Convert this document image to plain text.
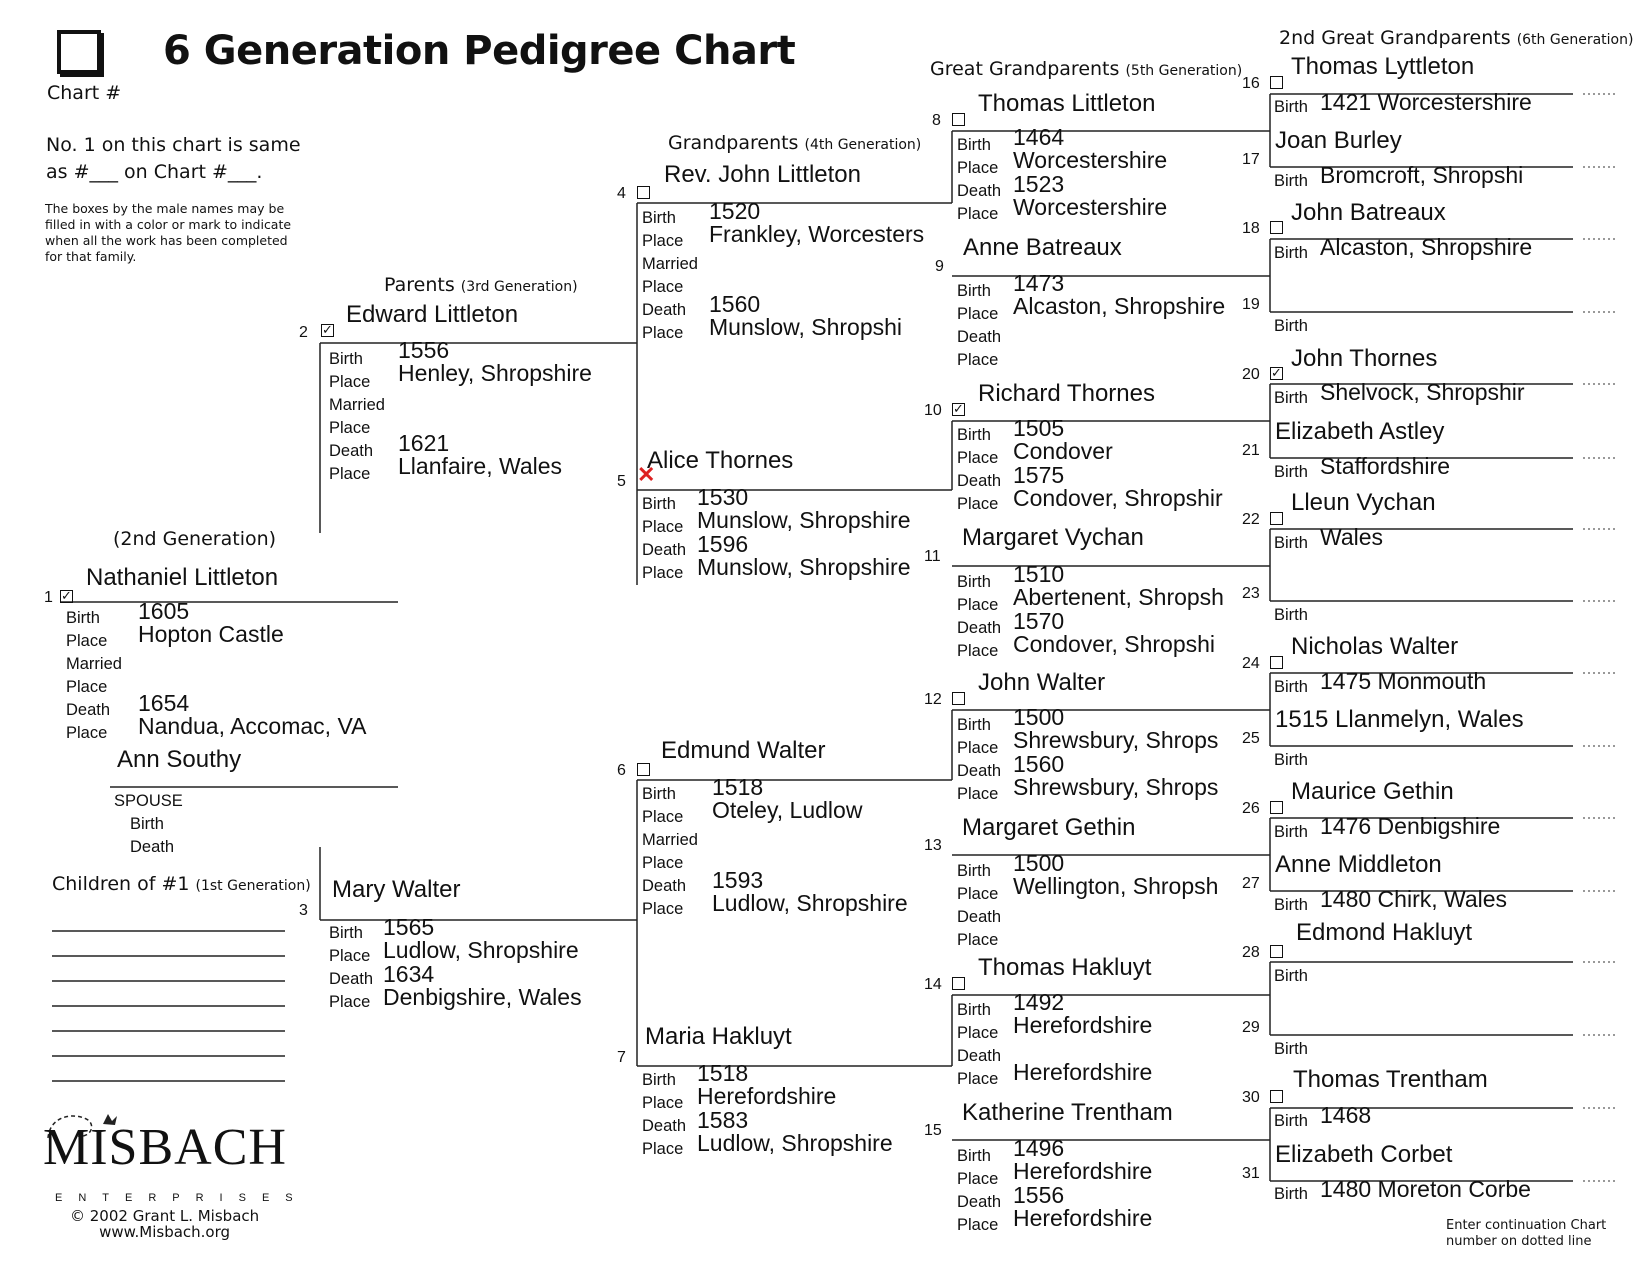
Chart #
6 Generation Pedigree Chart
No. 1 on this chart is same as #___ on Chart #___.
The boxes by the male names may be filled in with a color or mark to indicate when all the work has been completed for that family.
(2nd Generation)
Parents (3rd Generation)
Grandparents (4th Generation)
Great Grandparents (5th Generation)
2nd Great Grandparents (6th Generation)
Children of #1 (1st Generation)
1 ✓
Nathaniel Littleton
Birth
Place
Married
Place
Death
Place
1605
Hopton Castle
1654
Nandua, Accomac, VA
Ann Southy
SPOUSE
Birth
Death
2 ✓
Edward Littleton
Birth
Place
Married
Place
Death
Place
1556
Henley, Shropshire
1621
Llanfaire, Wales
3
Mary Walter
Birth
Place
Death
Place
1565
Ludlow, Shropshire
1634
Denbigshire, Wales
4
Rev. John Littleton
Birth
Place
Married
Place
Death
Place
1520
Frankley, Worcesters
1560
Munslow, Shropshi
5 ✕
Alice Thornes
Birth
Place
Death
Place
1530
Munslow, Shropshire
1596
Munslow, Shropshire
6
Edmund Walter
Birth
Place
Married
Place
Death
Place
1518
Oteley, Ludlow
1593
Ludlow, Shropshire
7
Maria Hakluyt
Birth
Place
Death
Place
1518
Herefordshire
1583
Ludlow, Shropshire
8
Thomas Littleton
Birth
Place
Death
Place
1464
Worcestershire
1523
Worcestershire
9
Anne Batreaux
Birth
Place
Death
Place
1473
Alcaston, Shropshire
10 ✓
Richard Thornes
Birth
Place
Death
Place
1505
Condover
1575
Condover, Shropshir
11
Margaret Vychan
Birth
Place
Death
Place
1510
Abertenent, Shropsh
1570
Condover, Shropshi
12
John Walter
Birth
Place
Death
Place
1500
Shrewsbury, Shrops
1560
Shrewsbury, Shrops
13
Margaret Gethin
Birth
Place
Death
Place
1500
Wellington, Shropsh
14
Thomas Hakluyt
Birth
Place
Death
Place
1492
Herefordshire
Herefordshire
15
Katherine Trentham
Birth
Place
Death
Place
1496
Herefordshire
1556
Herefordshire
16
Thomas Lyttleton
Birth 1421 Worcestershire
17
Joan Burley
Birth Bromcroft, Shropshi
18
John Batreaux
Birth Alcaston, Shropshire
19
Birth
20 ✓
John Thornes
Birth Shelvock, Shropshir
21
Elizabeth Astley
Birth Staffordshire
22
Lleun Vychan
Birth Wales
23
Birth
24
Nicholas Walter
Birth 1475 Monmouth
25
1515 Llanmelyn, Wales
Birth
26
Maurice Gethin
Birth 1476 Denbigshire
27
Anne Middleton
Birth 1480 Chirk, Wales
28
Edmond Hakluyt
Birth
29
Birth
30
Thomas Trentham
Birth 1468
31
Elizabeth Corbet
Birth 1480 Moreton Corbe
MISBACH
ENTERPRISES
© 2002 Grant L. Misbach
www.Misbach.org	Enter continuation Chart number on dotted line
